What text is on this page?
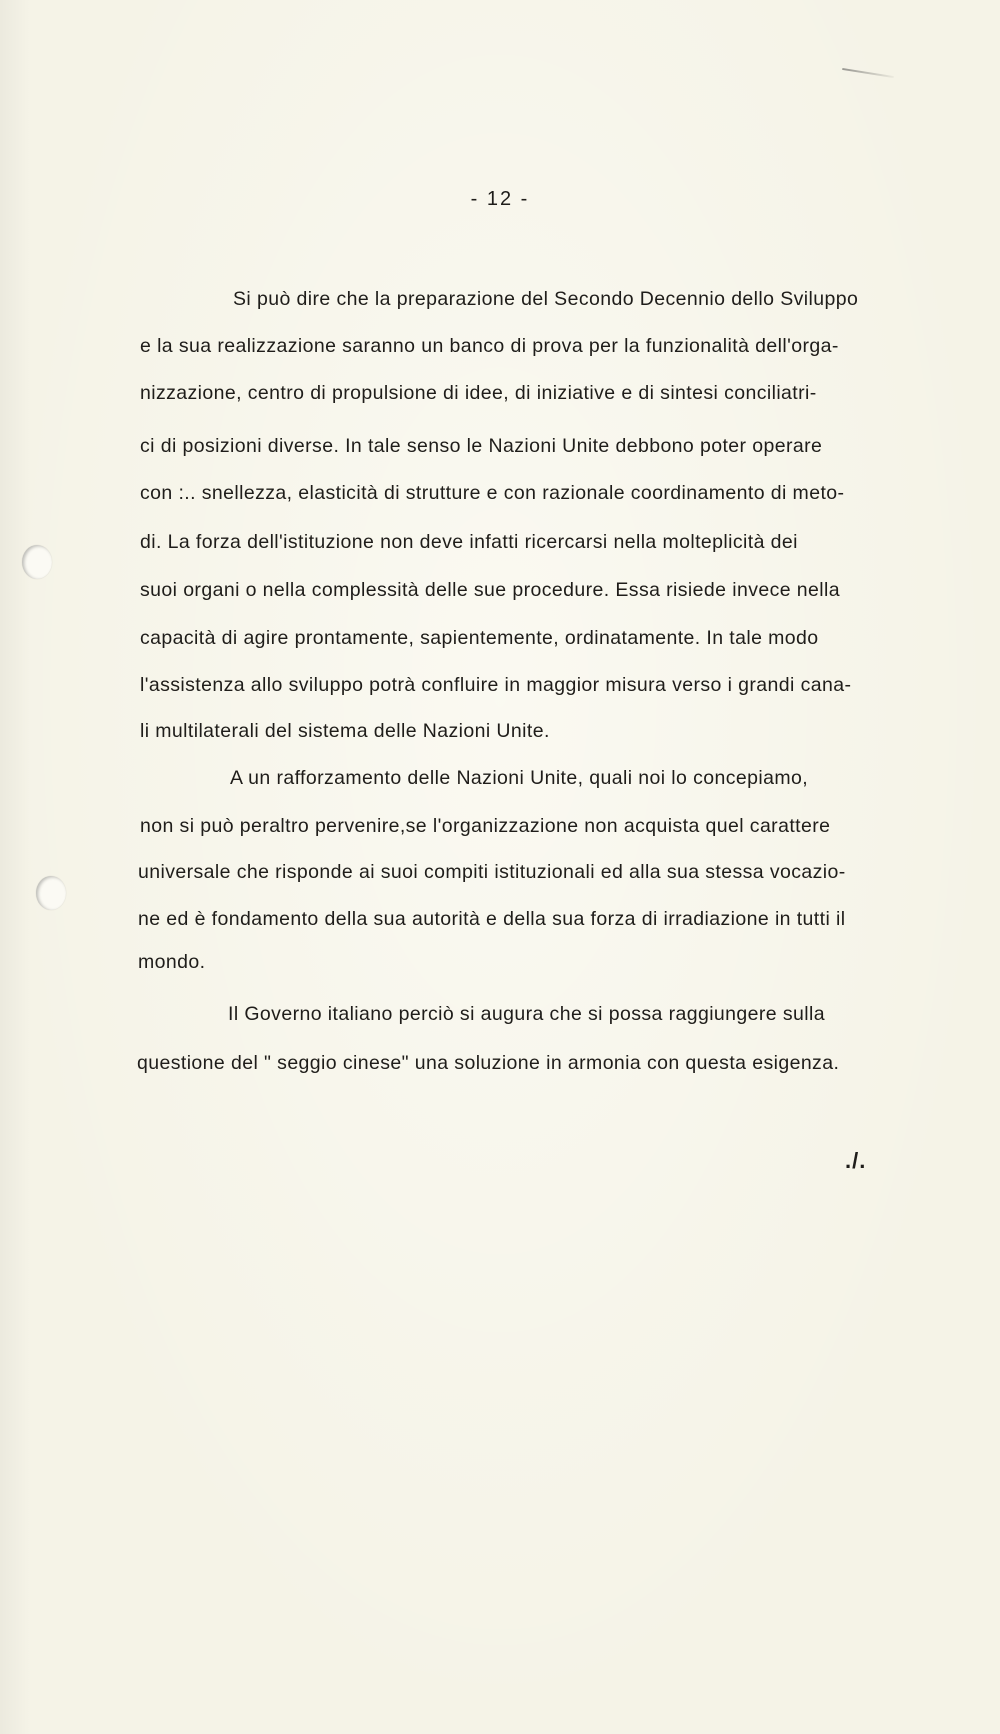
- 12 -
Si può dire che la preparazione del Secondo Decennio dello Sviluppo
e la sua realizzazione saranno un banco di prova per la funzionalità dell'orga-
nizzazione, centro di propulsione di idee, di iniziative e di sintesi conciliatri-
ci di posizioni diverse. In tale senso le Nazioni Unite debbono poter operare
con :.. snellezza, elasticità di strutture e con razionale coordinamento di meto-
di. La forza dell'istituzione non deve infatti ricercarsi nella molteplicità dei
suoi organi o nella complessità delle sue procedure. Essa risiede invece nella
capacità di agire prontamente, sapientemente, ordinatamente. In tale modo
l'assistenza allo sviluppo potrà confluire in maggior misura verso i grandi cana-
li multilaterali del sistema delle Nazioni Unite.
A un rafforzamento delle Nazioni Unite, quali noi lo concepiamo,
non si può peraltro pervenire,se l'organizzazione non acquista quel carattere
universale che risponde ai suoi compiti istituzionali ed alla sua stessa vocazio-
ne ed è fondamento della sua autorità e della sua forza di irradiazione in tutti il
mondo.
Il Governo italiano perciò si augura che si possa raggiungere sulla
questione del " seggio cinese" una soluzione in armonia con questa esigenza.
./.
